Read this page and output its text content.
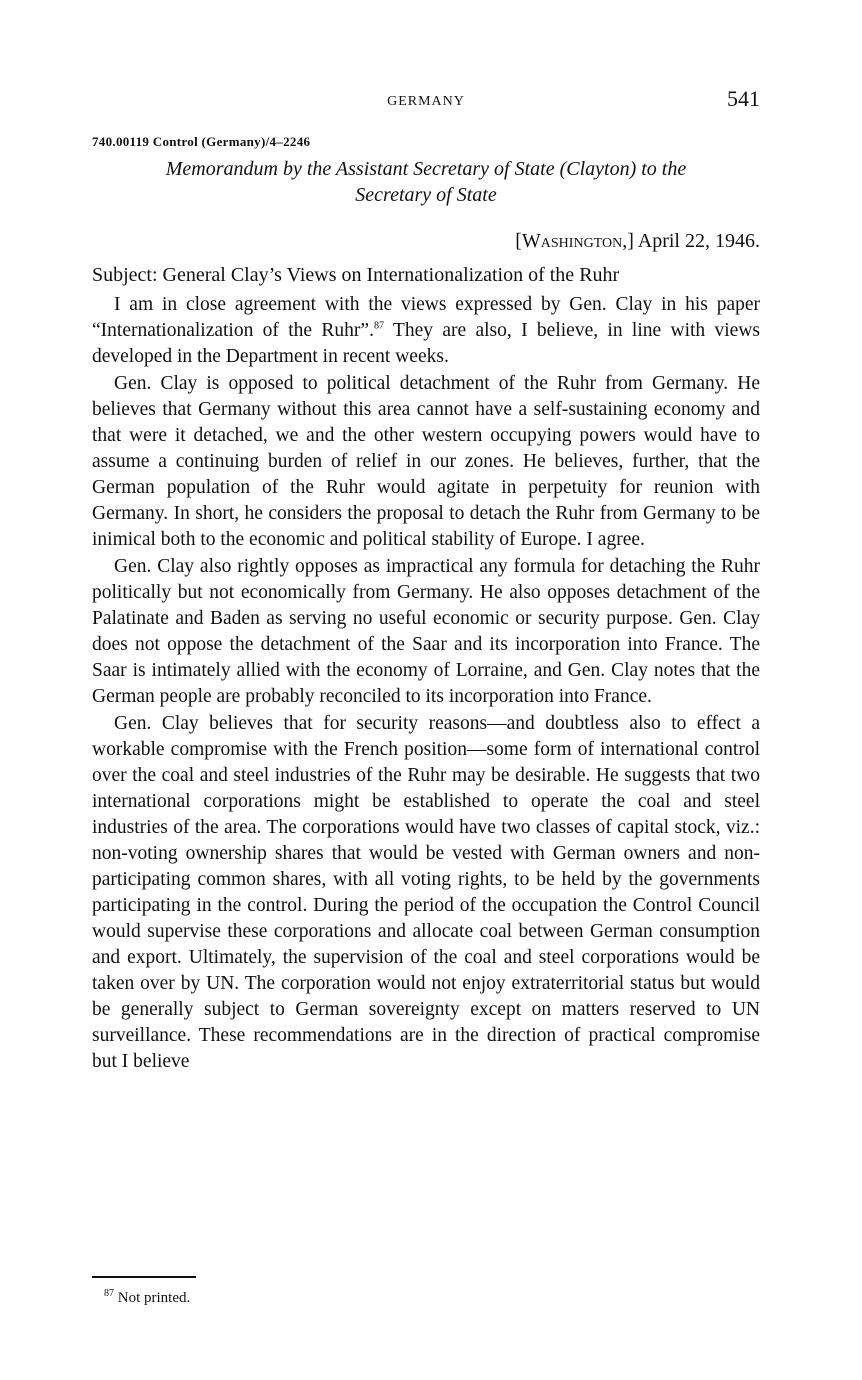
GERMANY	541
740.00119 Control (Germany)/4–2246
Memorandum by the Assistant Secretary of State (Clayton) to the
Secretary of State
[Washington,] April 22, 1946.
Subject: General Clay’s Views on Internationalization of the Ruhr

I am in close agreement with the views expressed by Gen. Clay in his paper “Internationalization of the Ruhr”.$^{87}$ They are also, I believe, in line with views developed in the Department in recent weeks.

Gen. Clay is opposed to political detachment of the Ruhr from Germany. He believes that Germany without this area cannot have a self-sustaining economy and that were it detached, we and the other western occupying powers would have to assume a continuing burden of relief in our zones. He believes, further, that the German population of the Ruhr would agitate in perpetuity for reunion with Germany. In short, he considers the proposal to detach the Ruhr from Germany to be inimical both to the economic and political stability of Europe. I agree.

Gen. Clay also rightly opposes as impractical any formula for detaching the Ruhr politically but not economically from Germany. He also opposes detachment of the Palatinate and Baden as serving no useful economic or security purpose. Gen. Clay does not oppose the detachment of the Saar and its incorporation into France. The Saar is intimately allied with the economy of Lorraine, and Gen. Clay notes that the German people are probably reconciled to its incorporation into France.

Gen. Clay believes that for security reasons—and doubtless also to effect a workable compromise with the French position—some form of international control over the coal and steel industries of the Ruhr may be desirable. He suggests that two international corporations might be established to operate the coal and steel industries of the area. The corporations would have two classes of capital stock, viz.: non-voting ownership shares that would be vested with German owners and non-participating common shares, with all voting rights, to be held by the governments participating in the control. During the period of the occupation the Control Council would supervise these corporations and allocate coal between German consumption and export. Ultimately, the supervision of the coal and steel corporations would be taken over by UN. The corporation would not enjoy extraterritorial status but would be generally subject to German sovereignty except on matters reserved to UN surveillance. These recommendations are in the direction of practical compromise but I believe

$^{87}$ Not printed.
